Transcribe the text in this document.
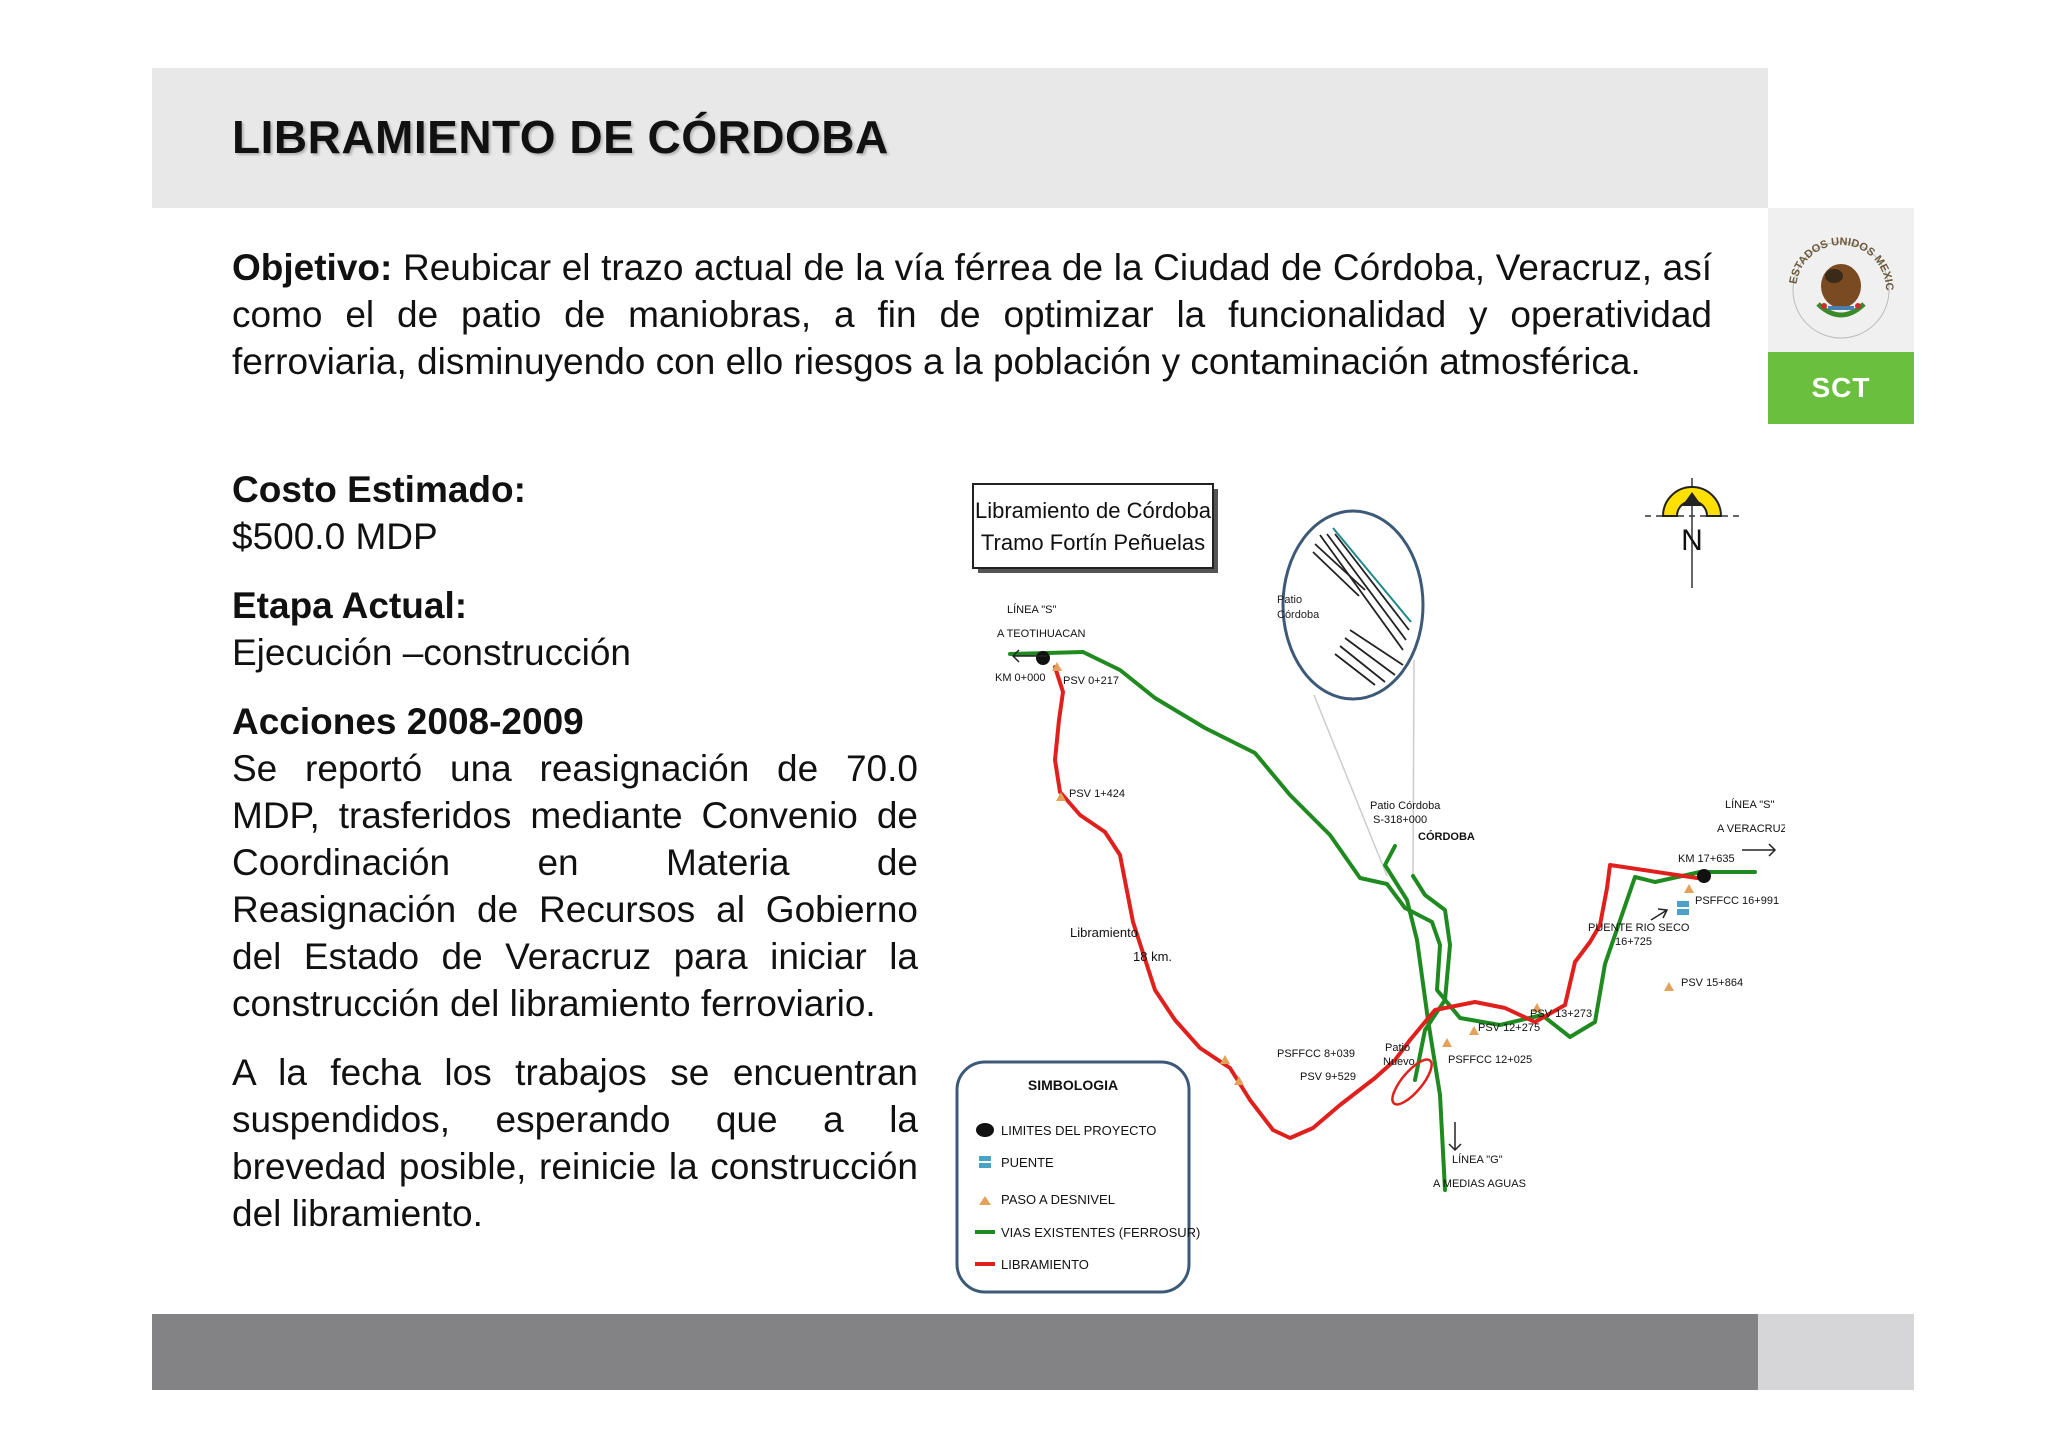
LIBRAMIENTO DE CÓRDOBA
ESTADOS UNIDOS MEXIC
SCT

Objetivo: Reubicar el trazo actual de la vía férrea de la Ciudad de Córdoba, Veracruz, así como el de patio de maniobras, a fin de optimizar la funcionalidad y operatividad ferroviaria, disminuyendo con ello riesgos a la población y contaminación atmosférica.

Costo Estimado:

$500.0 MDP

Etapa Actual:

Ejecución –construcción

Acciones 2008-2009

Se reportó una reasignación de 70.0 MDP, trasferidos mediante Convenio de Coordinación en Materia de Reasignación de Recursos al Gobierno del Estado de Veracruz para iniciar la construcción del libramiento ferroviario.

A la fecha los trabajos se encuentran suspendidos, esperando que a la brevedad posible, reinicie la construcción del libramiento.

Libramiento de Córdoba
Tramo Fortín Peñuelas
Patio
Córdoba
N
LÍNEA "S"
A TEOTIHUACAN
KM 0+000 PSV 0+217
PSV 1+424
Libramiento
18 km.
Patio Córdoba
S-318+000
CÓRDOBA
LÍNEA "S"
A VERACRUZ
KM 17+635
PSFFCC 16+991
PUENTE RIO SECO
16+725
PSV 15+864
PSV 13+273
PSV 12+275
PSFFCC 12+025
Patio
Nuevo
PSFFCC 8+039
PSV 9+529
LÍNEA "G"
A MEDIAS AGUAS
SIMBOLOGIA
LIMITES DEL PROYECTO
PUENTE
PASO A DESNIVEL
VIAS EXISTENTES (FERROSUR)
LIBRAMIENTO
